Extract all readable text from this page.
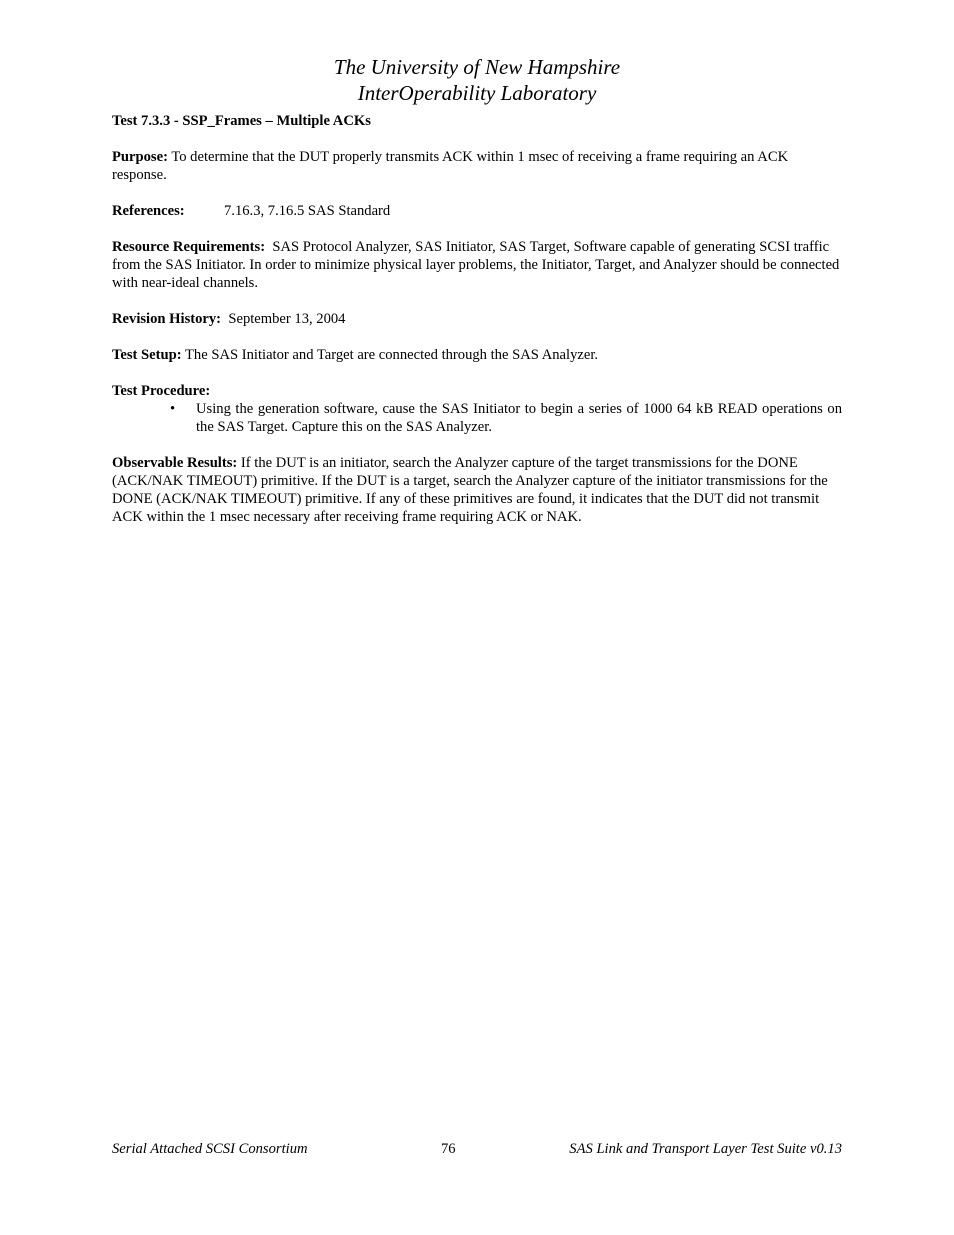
The University of New Hampshire
InterOperability Laboratory

Test 7.3.3 - SSP_Frames – Multiple ACKs

Purpose: To determine that the DUT properly transmits ACK within 1 msec of receiving a frame requiring an ACK response.

References:	7.16.3, 7.16.5 SAS Standard

Resource Requirements: SAS Protocol Analyzer, SAS Initiator, SAS Target, Software capable of generating SCSI traffic from the SAS Initiator. In order to minimize physical layer problems, the Initiator, Target, and Analyzer should be connected with near-ideal channels.

Revision History: September 13, 2004

Test Setup: The SAS Initiator and Target are connected through the SAS Analyzer.

Test Procedure:
• Using the generation software, cause the SAS Initiator to begin a series of 1000 64 kB READ operations on the SAS Target. Capture this on the SAS Analyzer.

Observable Results: If the DUT is an initiator, search the Analyzer capture of the target transmissions for the DONE (ACK/NAK TIMEOUT) primitive. If the DUT is a target, search the Analyzer capture of the initiator transmissions for the DONE (ACK/NAK TIMEOUT) primitive. If any of these primitives are found, it indicates that the DUT did not transmit ACK within the 1 msec necessary after receiving frame requiring ACK or NAK.

Serial Attached SCSI Consortium	76	SAS Link and Transport Layer Test Suite v0.13
